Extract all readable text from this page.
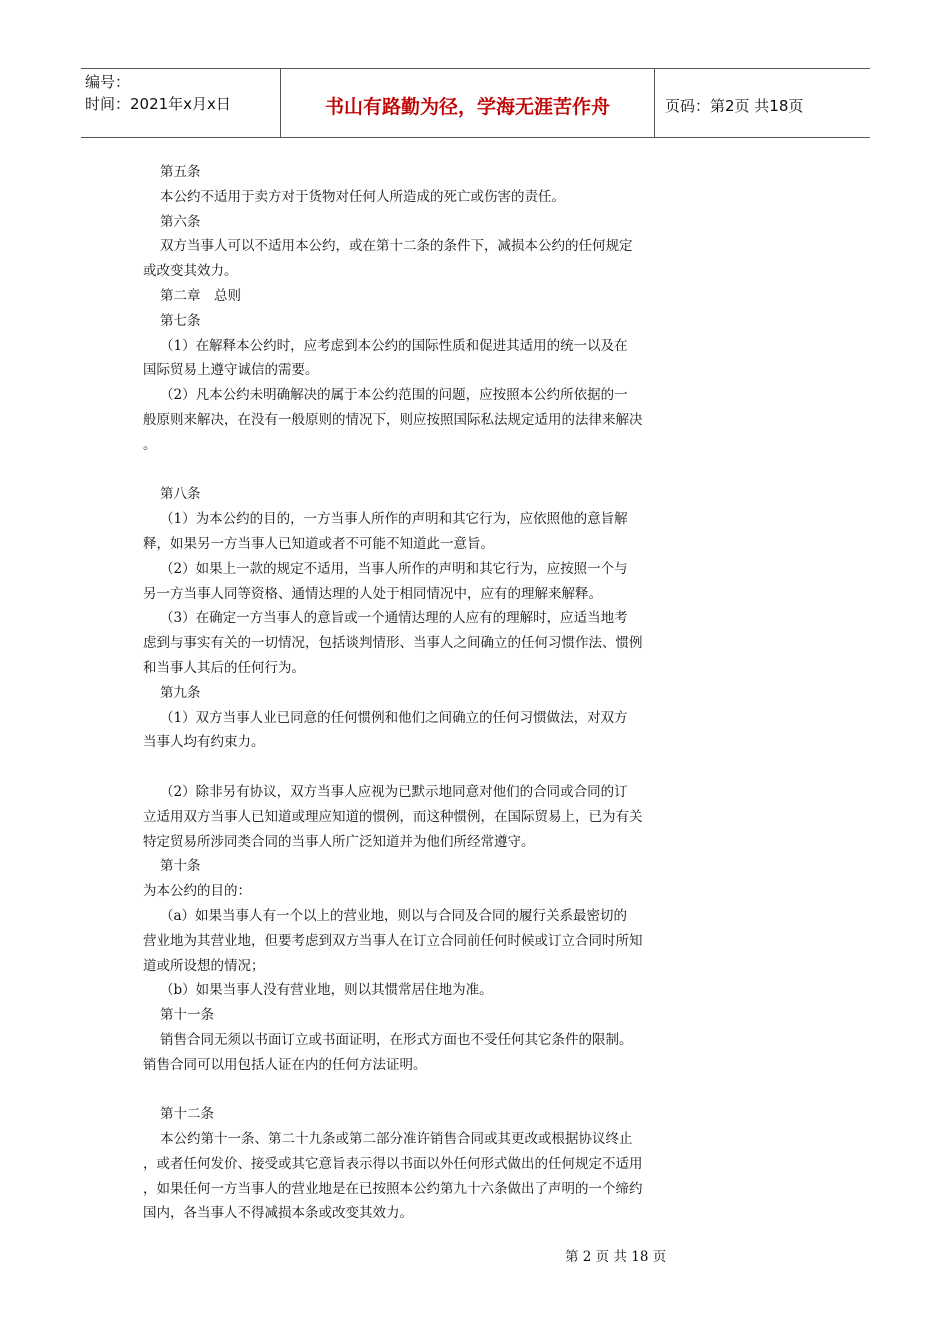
编号：
时间：2021年x月x日	书山有路勤为径，学海无涯苦作舟	页码：第2页 共18页

第五条

本公约不适用于卖方对于货物对任何人所造成的死亡或伤害的责任。

第六条

双方当事人可以不适用本公约，或在第十二条的条件下，减损本公约的任何规定

或改变其效力。

第二章　总则

第七条

（1）在解释本公约时，应考虑到本公约的国际性质和促进其适用的统一以及在

国际贸易上遵守诚信的需要。

（2）凡本公约未明确解决的属于本公约范围的问题，应按照本公约所依据的一

般原则来解决，在没有一般原则的情况下，则应按照国际私法规定适用的法律来解决

。

第八条

（1）为本公约的目的，一方当事人所作的声明和其它行为，应依照他的意旨解

释，如果另一方当事人已知道或者不可能不知道此一意旨。

（2）如果上一款的规定不适用，当事人所作的声明和其它行为，应按照一个与

另一方当事人同等资格、通情达理的人处于相同情况中，应有的理解来解释。

（3）在确定一方当事人的意旨或一个通情达理的人应有的理解时，应适当地考

虑到与事实有关的一切情况，包括谈判情形、当事人之间确立的任何习惯作法、惯例

和当事人其后的任何行为。

第九条

（1）双方当事人业已同意的任何惯例和他们之间确立的任何习惯做法，对双方

当事人均有约束力。

（2）除非另有协议，双方当事人应视为已默示地同意对他们的合同或合同的订

立适用双方当事人已知道或理应知道的惯例，而这种惯例，在国际贸易上，已为有关

特定贸易所涉同类合同的当事人所广泛知道并为他们所经常遵守。

第十条

为本公约的目的：

（a）如果当事人有一个以上的营业地，则以与合同及合同的履行关系最密切的

营业地为其营业地，但要考虑到双方当事人在订立合同前任何时候或订立合同时所知

道或所设想的情况；

（b）如果当事人没有营业地，则以其惯常居住地为准。

第十一条

销售合同无须以书面订立或书面证明，在形式方面也不受任何其它条件的限制。

销售合同可以用包括人证在内的任何方法证明。

第十二条

本公约第十一条、第二十九条或第二部分准许销售合同或其更改或根据协议终止

，或者任何发价、接受或其它意旨表示得以书面以外任何形式做出的任何规定不适用

，如果任何一方当事人的营业地是在已按照本公约第九十六条做出了声明的一个缔约

国内，各当事人不得减损本条或改变其效力。

第 2 页 共 18 页
